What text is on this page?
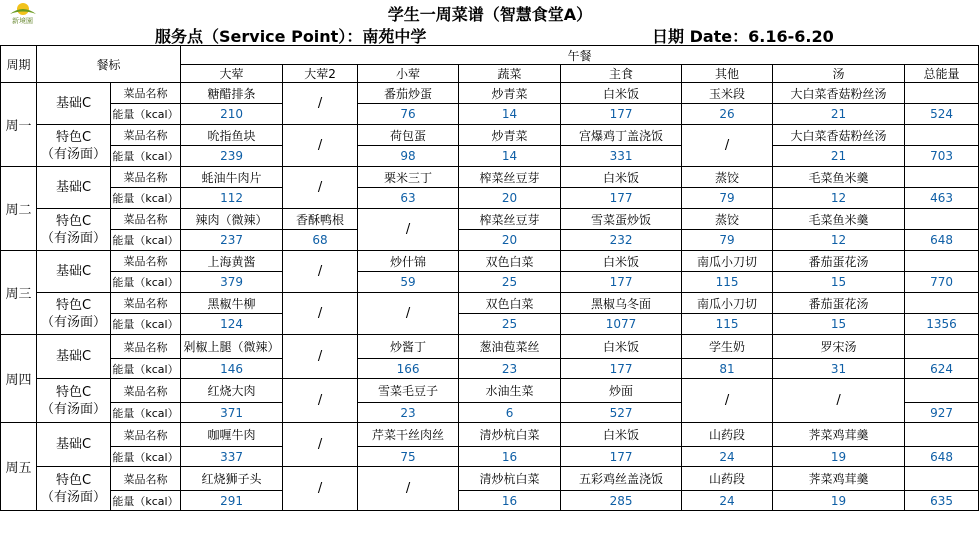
新境園	学生一周菜谱（智慧食堂A）
服务点（Service Point）：南苑中学	日期 Date：6.16-6.20
周期	餐标		午餐							
			大荤	大荤2	小荤	蔬菜	主食	其他	汤	总能量
周一	基础C	菜品名称	糖醋排条	/	番茄炒蛋	炒青菜	白米饭	玉米段	大白菜香菇粉丝汤	
		能量（kcal）	210		76	14	177	26	21	524
	特色C
（有汤面）	菜品名称	吮指鱼块	/	荷包蛋	炒青菜	宫爆鸡丁盖浇饭	/	大白菜香菇粉丝汤	
		能量（kcal）	239		98	14	331		21	703
周二	基础C	菜品名称	蚝油牛肉片	/	栗米三丁	榨菜丝豆芽	白米饭	蒸饺	毛菜鱼米羹	
		能量（kcal）	112		63	20	177	79	12	463
	特色C
（有汤面）	菜品名称	辣肉（微辣）	香酥鸭根	/	榨菜丝豆芽	雪菜蛋炒饭	蒸饺	毛菜鱼米羹	
		能量（kcal）	237	68		20	232	79	12	648
周三	基础C	菜品名称	上海黄酱	/	炒什锦	双色白菜	白米饭	南瓜小刀切	番茄蛋花汤	
		能量（kcal）	379		59	25	177	115	15	770
	特色C
（有汤面）	菜品名称	黑椒牛柳	/	/	双色白菜	黑椒乌冬面	南瓜小刀切	番茄蛋花汤	
		能量（kcal）	124			25	1077	115	15	1356
周四	基础C	菜品名称	剁椒上腿（微辣）	/	炒酱丁	葱油苞菜丝	白米饭	学生奶	罗宋汤	
		能量（kcal）	146		166	23	177	81	31	624
	特色C
（有汤面）	菜品名称	红烧大肉	/	雪菜毛豆子	水油生菜	炒面	/	/	
		能量（kcal）	371		23	6	527			927
周五	基础C	菜品名称	咖喱牛肉	/	芹菜干丝肉丝	清炒杭白菜	白米饭	山药段	荠菜鸡茸羹	
		能量（kcal）	337		75	16	177	24	19	648
	特色C
（有汤面）	菜品名称	红烧狮子头	/	/	清炒杭白菜	五彩鸡丝盖浇饭	山药段	荠菜鸡茸羹	
		能量（kcal）	291			16	285	24	19	635
